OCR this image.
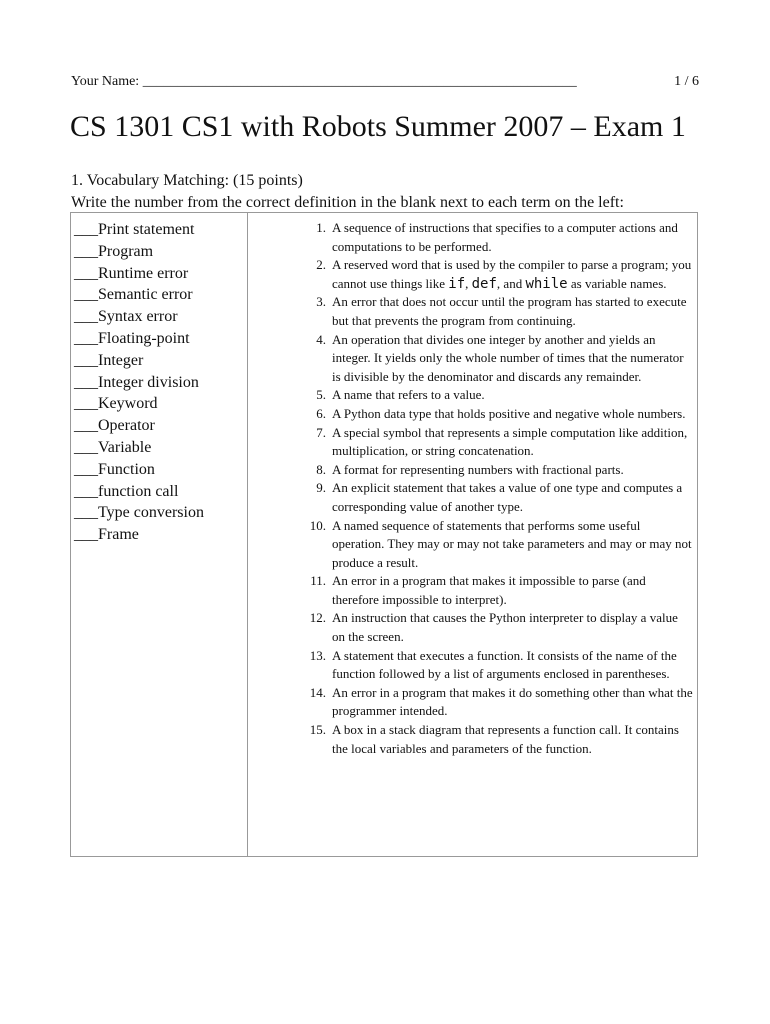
Your Name: ______________________________________________________________	1 / 6
CS 1301 CS1 with Robots Summer 2007 – Exam 1
1. Vocabulary Matching: (15 points)
Write the number from the correct definition in the blank next to each term on the left:
___Print statement
___Program
___Runtime error
___Semantic error
___Syntax error
___Floating-point
___Integer
___Integer division
___Keyword
___Operator
___Variable
___Function
___function call
___Type conversion
___Frame
1. A sequence of instructions that specifies to a computer actions and computations to be performed.
2. A reserved word that is used by the compiler to parse a program; you cannot use things like if, def, and while as variable names.
3. An error that does not occur until the program has started to execute but that prevents the program from continuing.
4. An operation that divides one integer by another and yields an integer. It yields only the whole number of times that the numerator is divisible by the denominator and discards any remainder.
5. A name that refers to a value.
6. A Python data type that holds positive and negative whole numbers.
7. A special symbol that represents a simple computation like addition, multiplication, or string concatenation.
8. A format for representing numbers with fractional parts.
9. An explicit statement that takes a value of one type and computes a corresponding value of another type.
10. A named sequence of statements that performs some useful operation. They may or may not take parameters and may or may not produce a result.
11. An error in a program that makes it impossible to parse (and therefore impossible to interpret).
12. An instruction that causes the Python interpreter to display a value on the screen.
13. A statement that executes a function. It consists of the name of the function followed by a list of arguments enclosed in parentheses.
14. An error in a program that makes it do something other than what the programmer intended.
15. A box in a stack diagram that represents a function call. It contains the local variables and parameters of the function.
